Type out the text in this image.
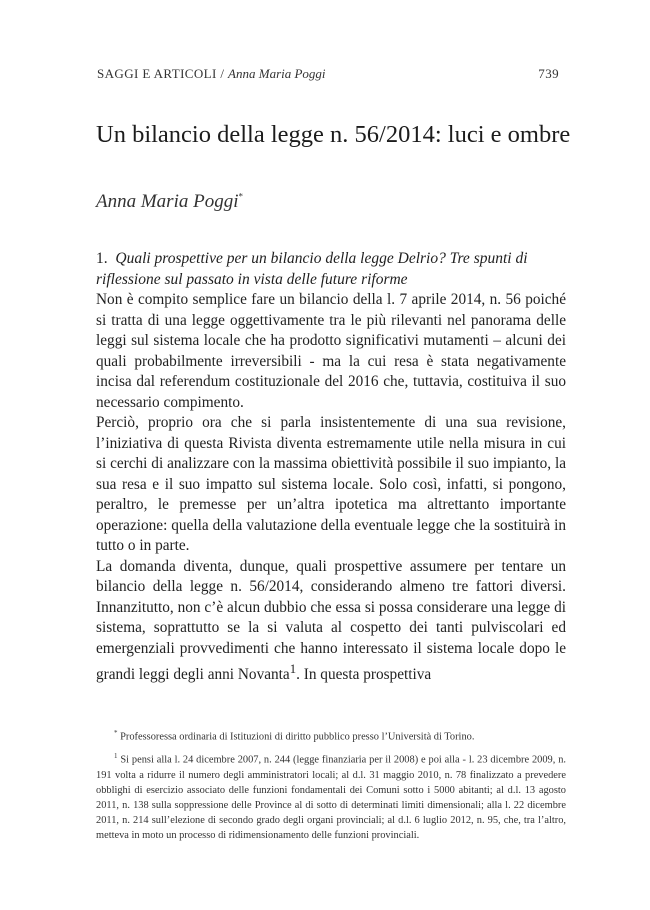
SAGGI E ARTICOLI / Anna Maria Poggi	739
Un bilancio della legge n. 56/2014: luci e ombre
Anna Maria Poggi*
1. Quali prospettive per un bilancio della legge Delrio? Tre spunti di riflessione sul passato in vista delle future riforme

Non è compito semplice fare un bilancio della l. 7 aprile 2014, n. 56 poiché si tratta di una legge oggettivamente tra le più rilevanti nel panorama delle leggi sul sistema locale che ha prodotto significativi mutamenti – alcuni dei quali probabilmente irreversibili - ma la cui resa è stata negativamente incisa dal referendum costituzionale del 2016 che, tuttavia, costituiva il suo necessario compimento.

Perciò, proprio ora che si parla insistentemente di una sua revisione, l’iniziativa di questa Rivista diventa estremamente utile nella misura in cui si cerchi di analizzare con la massima obiettività possibile il suo impianto, la sua resa e il suo impatto sul sistema locale. Solo così, infatti, si pongono, peraltro, le premesse per un’altra ipotetica ma altrettanto importante operazione: quella della valutazione della eventuale legge che la sostituirà in tutto o in parte.

La domanda diventa, dunque, quali prospettive assumere per tentare un bilancio della legge n. 56/2014, considerando almeno tre fattori diversi. Innanzitutto, non c’è alcun dubbio che essa si possa considerare una legge di sistema, soprattutto se la si valuta al cospetto dei tanti pulviscolari ed emergenziali provvedimenti che hanno interessato il sistema locale dopo le grandi leggi degli anni Novanta$^1$. In questa prospettiva

* Professoressa ordinaria di Istituzioni di diritto pubblico presso l’Università di Torino.

$^1$ Si pensi alla l. 24 dicembre 2007, n. 244 (legge finanziaria per il 2008) e poi alla - l. 23 dicembre 2009, n. 191 volta a ridurre il numero degli amministratori locali; al d.l. 31 maggio 2010, n. 78 finalizzato a prevedere obblighi di esercizio associato delle funzioni fondamentali dei Comuni sotto i 5000 abitanti; al d.l. 13 agosto 2011, n. 138 sulla soppressione delle Province al di sotto di determinati limiti dimensionali; alla l. 22 dicembre 2011, n. 214 sull’elezione di secondo grado degli organi provinciali; al d.l. 6 luglio 2012, n. 95, che, tra l’altro, metteva in moto un processo di ridimensionamento delle funzioni provinciali.
